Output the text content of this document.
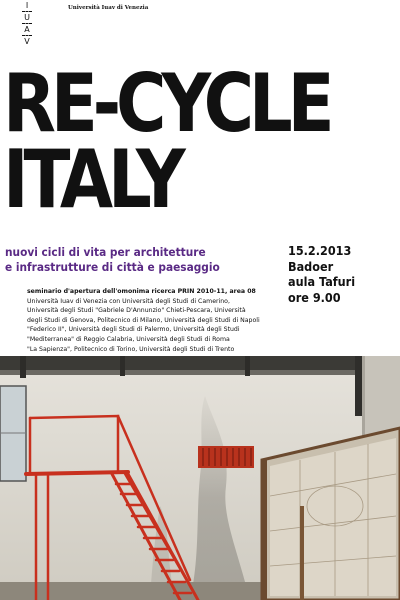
I
U
A
V
Università Iuav di Venezia
RE-CYCLE
ITALY
nuovi cicli di vita per architetture
e infrastrutture di città e paesaggio
15.2.2013
Badoer
aula Tafuri
ore 9.00
seminario d'apertura dell'omonima ricerca PRIN 2010-11, area 08
Università Iuav di Venezia con Università degli Studi di Camerino,
Università degli Studi "Gabriele D'Annunzio" Chieti-Pescara, Università
degli Studi di Genova, Politecnico di Milano, Università degli Studi di Napoli
"Federico II", Università degli Studi di Palermo, Università degli Studi
"Mediterranea" di Reggio Calabria, Università degli Studi di Roma
"La Sapienza", Politecnico di Torino, Università degli Studi di Trento
